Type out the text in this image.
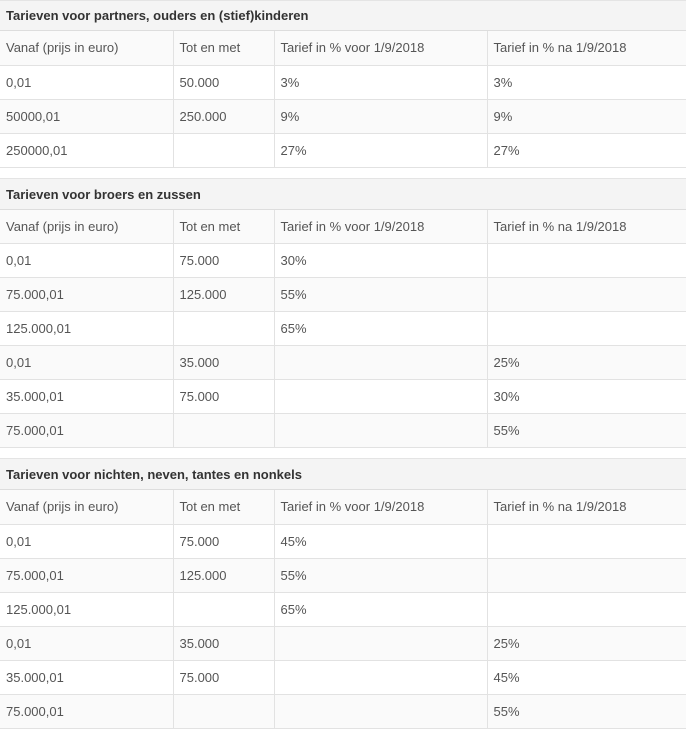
Tarieven voor partners, ouders en (stief)kinderen
Vanaf (prijs in euro)	Tot en met	Tarief in % voor 1/9/2018	Tarief in % na 1/9/2018
0,01	50.000	3%	3%
50000,01	250.000	9%	9%
250000,01		27%	27%
Tarieven voor broers en zussen
Vanaf (prijs in euro)	Tot en met	Tarief in % voor 1/9/2018	Tarief in % na 1/9/2018
0,01	75.000	30%	
75.000,01	125.000	55%	
125.000,01		65%	
0,01	35.000		25%
35.000,01	75.000		30%
75.000,01			55%
Tarieven voor nichten, neven, tantes en nonkels
Vanaf (prijs in euro)	Tot en met	Tarief in % voor 1/9/2018	Tarief in % na 1/9/2018
0,01	75.000	45%	
75.000,01	125.000	55%	
125.000,01		65%	
0,01	35.000		25%
35.000,01	75.000		45%
75.000,01			55%
